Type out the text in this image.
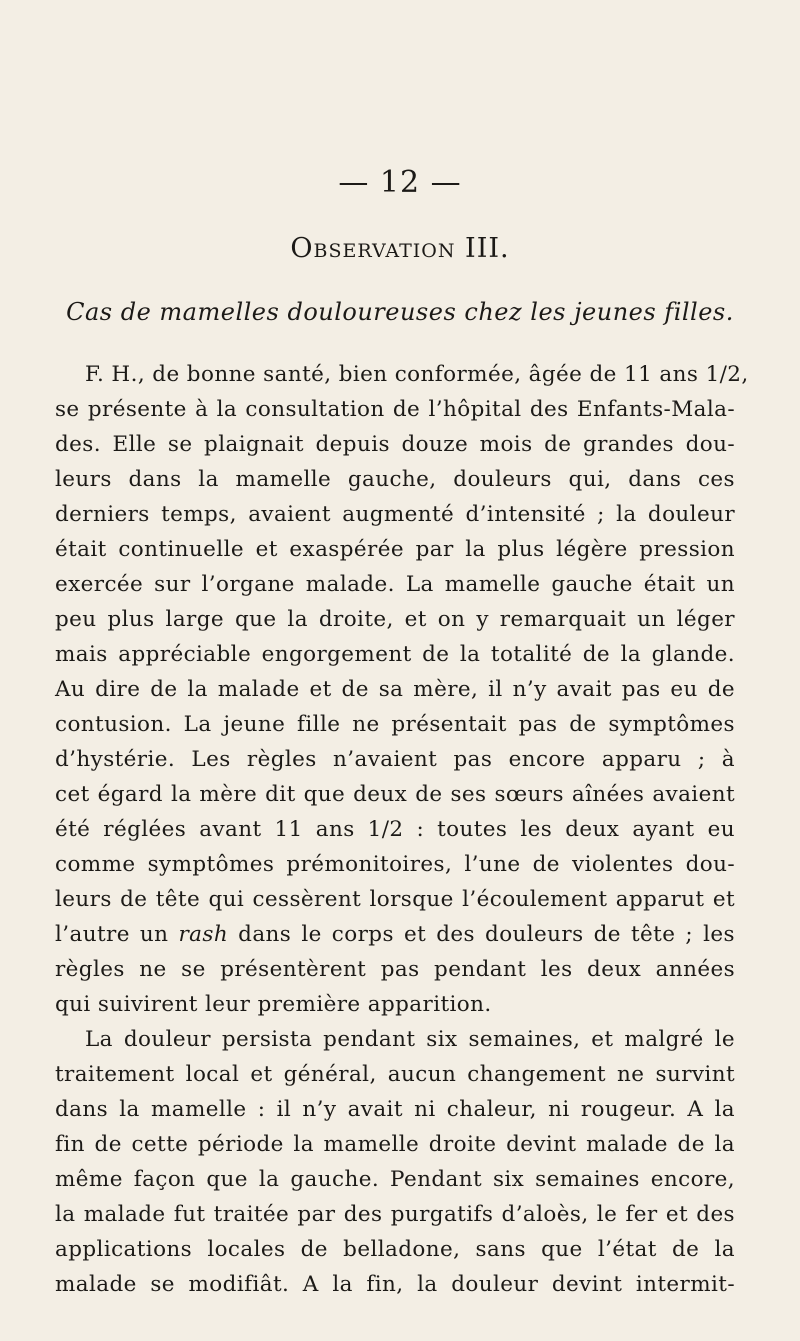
— 12 —
Observation III.
Cas de mamelles douloureuses chez les jeunes filles.
F. H., de bonne santé, bien conformée, âgée de 11 ans 1/2,
se présente à la consultation de l’hôpital des Enfants-Mala-
des. Elle se plaignait depuis douze mois de grandes dou-
leurs dans la mamelle gauche, douleurs qui, dans ces
derniers temps, avaient augmenté d’intensité ; la douleur
était continuelle et exaspérée par la plus légère pression
exercée sur l’organe malade. La mamelle gauche était un
peu plus large que la droite, et on y remarquait un léger
mais appréciable engorgement de la totalité de la glande.
Au dire de la malade et de sa mère, il n’y avait pas eu de
contusion. La jeune fille ne présentait pas de symptômes
d’hystérie. Les règles n’avaient pas encore apparu ; à
cet égard la mère dit que deux de ses sœurs aînées avaient
été réglées avant 11 ans 1/2 : toutes les deux ayant eu
comme symptômes prémonitoires, l’une de violentes dou-
leurs de tête qui cessèrent lorsque l’écoulement apparut et
l’autre un rash dans le corps et des douleurs de tête ; les
règles ne se présentèrent pas pendant les deux années
qui suivirent leur première apparition.
La douleur persista pendant six semaines, et malgré le
traitement local et général, aucun changement ne survint
dans la mamelle : il n’y avait ni chaleur, ni rougeur. A la
fin de cette période la mamelle droite devint malade de la
même façon que la gauche. Pendant six semaines encore,
la malade fut traitée par des purgatifs d’aloès, le fer et des
applications locales de belladone, sans que l’état de la
malade se modifiât. A la fin, la douleur devint intermit-
